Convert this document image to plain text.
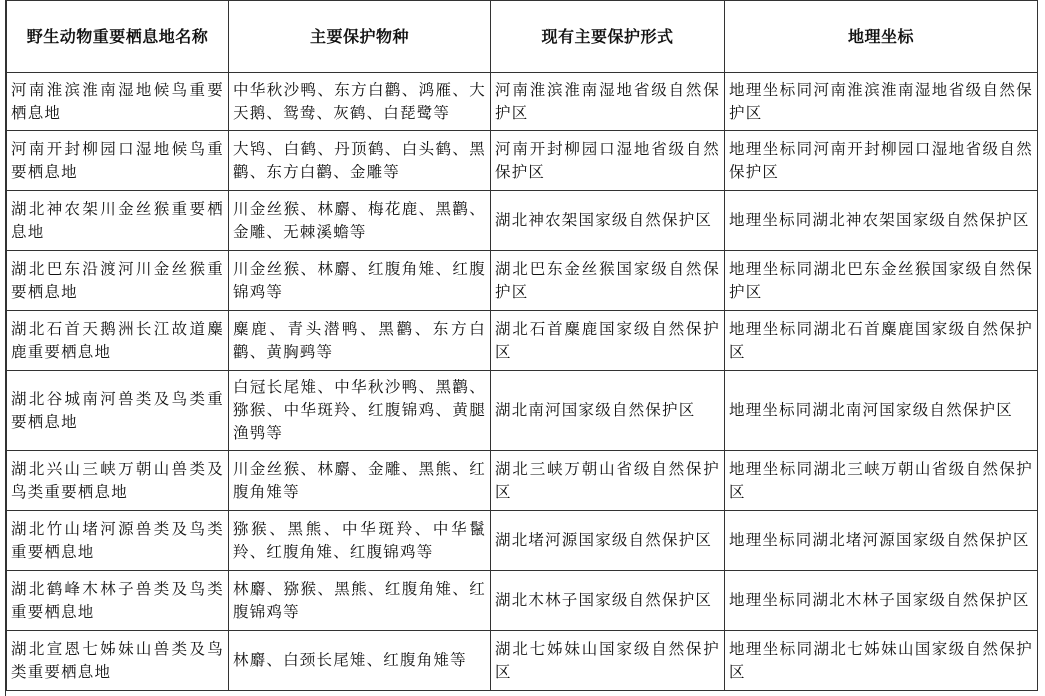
野生动物重要栖息地名称	主要保护物种	现有主要保护形式	地理坐标
河南淮滨淮南湿地候鸟重要栖息地	中华秋沙鸭、东方白鹳、鸿雁、大天鹅、鸳鸯、灰鹤、白琵鹭等	河南淮滨淮南湿地省级自然保护区	地理坐标同河南淮滨淮南湿地省级自然保护区
河南开封柳园口湿地候鸟重要栖息地	大鸨、白鹤、丹顶鹤、白头鹤、黑鹳、东方白鹳、金雕等	河南开封柳园口湿地省级自然保护区	地理坐标同河南开封柳园口湿地省级自然保护区
湖北神农架川金丝猴重要栖息地	川金丝猴、林麝、梅花鹿、黑鹳、金雕、无棘溪蟾等	湖北神农架国家级自然保护区	地理坐标同湖北神农架国家级自然保护区
湖北巴东沿渡河川金丝猴重要栖息地	川金丝猴、林麝、红腹角雉、红腹锦鸡等	湖北巴东金丝猴国家级自然保护区	地理坐标同湖北巴东金丝猴国家级自然保护区
湖北石首天鹅洲长江故道麋鹿重要栖息地	麋鹿、青头潜鸭、黑鹳、东方白鹳、黄胸鹀等	湖北石首麋鹿国家级自然保护区	地理坐标同湖北石首麋鹿国家级自然保护区
湖北谷城南河兽类及鸟类重要栖息地	白冠长尾雉、中华秋沙鸭、黑鹳、猕猴、中华斑羚、红腹锦鸡、黄腿渔鸮等	湖北南河国家级自然保护区	地理坐标同湖北南河国家级自然保护区
湖北兴山三峡万朝山兽类及鸟类重要栖息地	川金丝猴、林麝、金雕、黑熊、红腹角雉等	湖北三峡万朝山省级自然保护区	地理坐标同湖北三峡万朝山省级自然保护区
湖北竹山堵河源兽类及鸟类重要栖息地	猕猴、黑熊、中华斑羚、中华鬣羚、红腹角雉、红腹锦鸡等	湖北堵河源国家级自然保护区	地理坐标同湖北堵河源国家级自然保护区
湖北鹤峰木林子兽类及鸟类重要栖息地	林麝、猕猴、黑熊、红腹角雉、红腹锦鸡等	湖北木林子国家级自然保护区	地理坐标同湖北木林子国家级自然保护区
湖北宣恩七姊妹山兽类及鸟类重要栖息地	林麝、白颈长尾雉、红腹角雉等	湖北七姊妹山国家级自然保护区	地理坐标同湖北七姊妹山国家级自然保护区
